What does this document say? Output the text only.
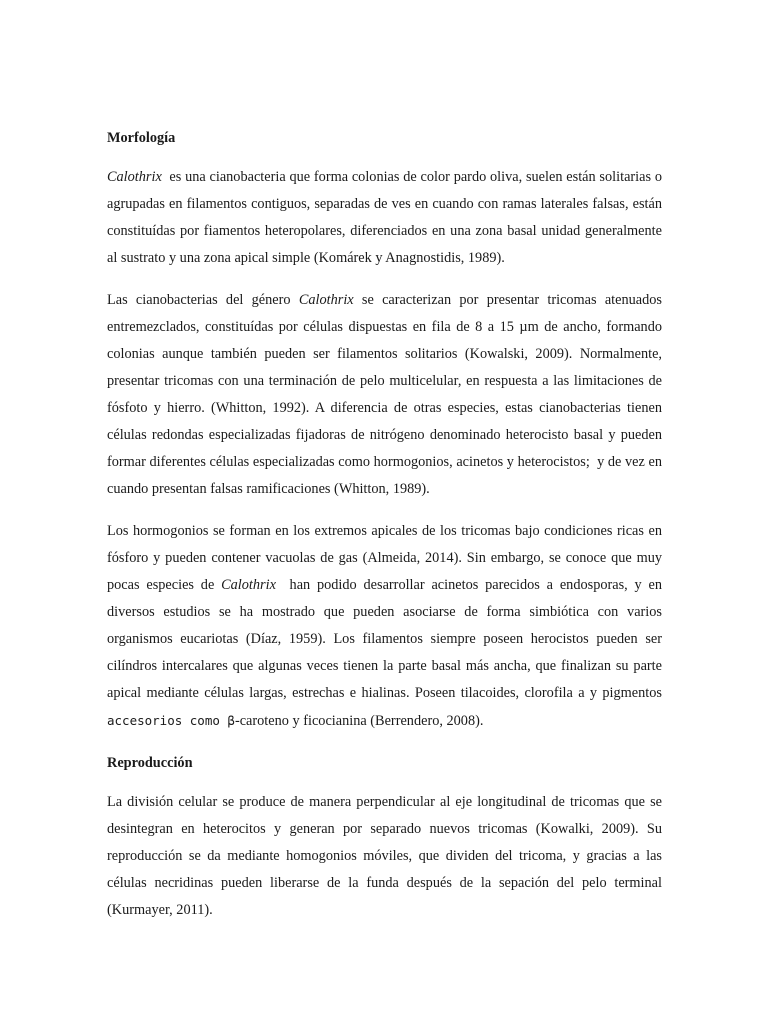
Morfología

Calothrix  es una cianobacteria que forma colonias de color pardo oliva, suelen están solitarias o agrupadas en filamentos contiguos, separadas de ves en cuando con ramas laterales falsas, están constituídas por fiamentos heteropolares, diferenciados en una zona basal unidad generalmente al sustrato y una zona apical simple (Komárek y Anagnostidis, 1989).

Las cianobacterias del género Calothrix se caracterizan por presentar tricomas atenuados entremezclados, constituídas por células dispuestas en fila de 8 a 15 µm de ancho, formando colonias aunque también pueden ser filamentos solitarios (Kowalski, 2009). Normalmente, presentar tricomas con una terminación de pelo multicelular, en respuesta a las limitaciones de fósfoto y hierro. (Whitton, 1992). A diferencia de otras especies, estas cianobacterias tienen células redondas especializadas fijadoras de nitrógeno denominado heterocisto basal y pueden formar diferentes células especializadas como hormogonios, acinetos y heterocistos;  y de vez en cuando presentan falsas ramificaciones (Whitton, 1989).

Los hormogonios se forman en los extremos apicales de los tricomas bajo condiciones ricas en fósforo y pueden contener vacuolas de gas (Almeida, 2014). Sin embargo, se conoce que muy pocas especies de Calothrix  han podido desarrollar acinetos parecidos a endosporas, y en diversos estudios se ha mostrado que pueden asociarse de forma simbiótica con varios organismos eucariotas (Díaz, 1959). Los filamentos siempre poseen herocistos pueden ser cilíndros intercalares que algunas veces tienen la parte basal más ancha, que finalizan su parte apical mediante células largas, estrechas e hialinas. Poseen tilacoides, clorofila a y pigmentos accesorios como β-caroteno y ficocianina (Berrendero, 2008).

Reproducción

La división celular se produce de manera perpendicular al eje longitudinal de tricomas que se desintegran en heterocitos y generan por separado nuevos tricomas (Kowalki, 2009). Su reproducción se da mediante homogonios móviles, que dividen del tricoma, y gracias a las células necridinas pueden liberarse de la funda después de la sepación del pelo terminal (Kurmayer, 2011).
